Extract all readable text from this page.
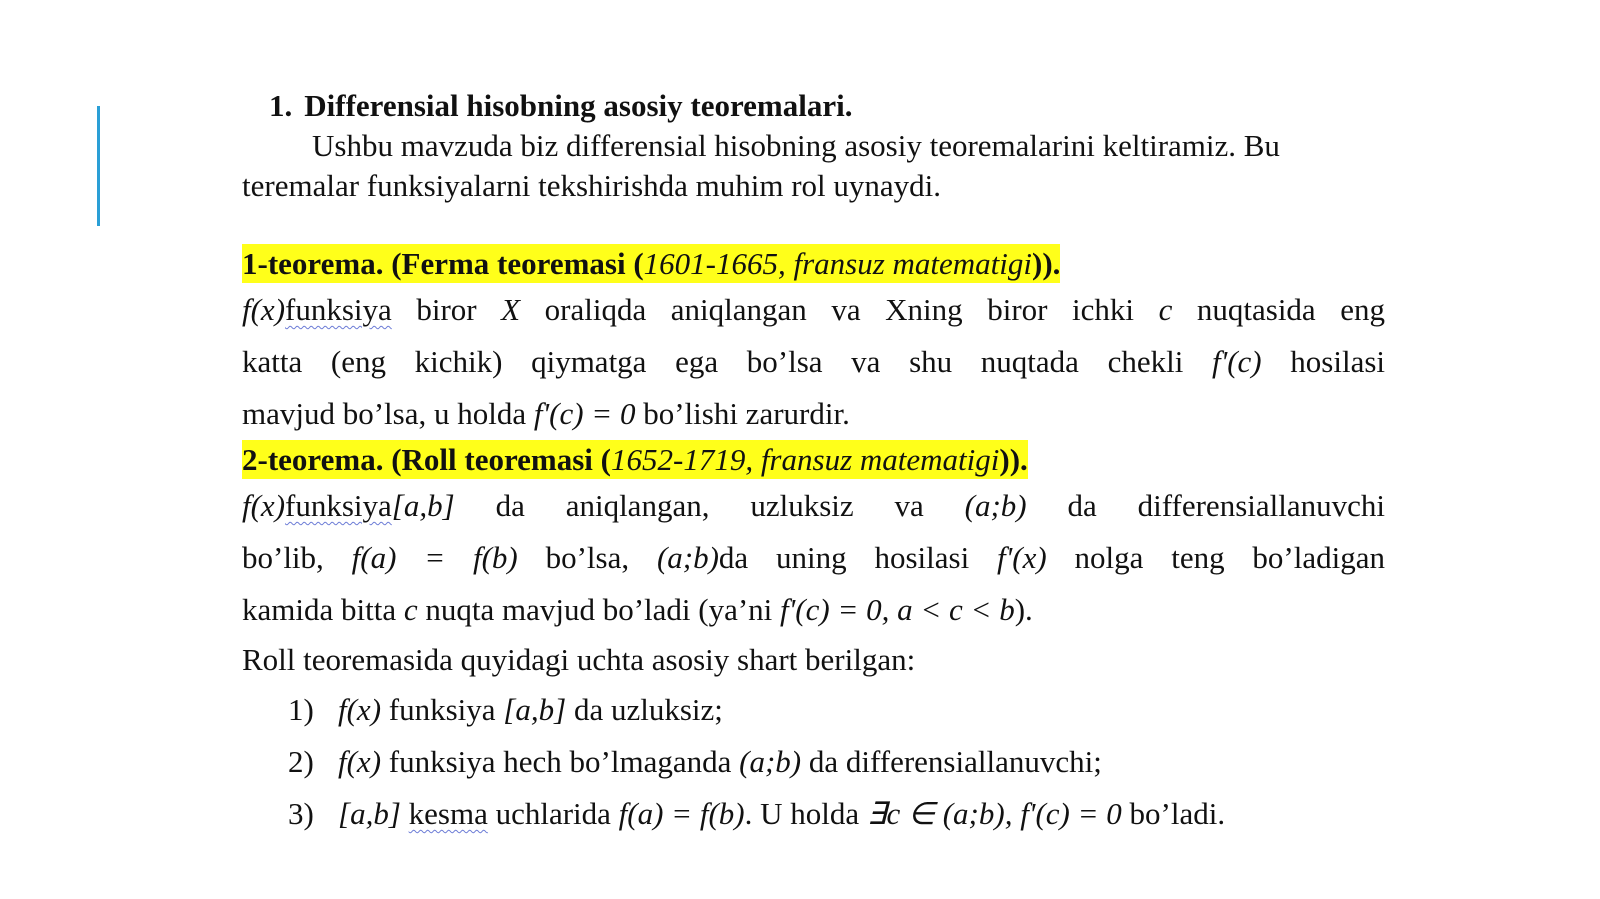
1. Differensial hisobning asosiy teoremalari.

Ushbu mavzuda biz differensial hisobning asosiy teoremalarini keltiramiz. Bu

teremalar funksiyalarni tekshirishda muhim rol uynaydi.

1-teorema. (Ferma teoremasi (1601-1665, fransuz matematigi)).

f(x)funksiya biror X oraliqda aniqlangan va Xning biror ichki c nuqtasida eng

katta (eng kichik) qiymatga ega bo’lsa va shu nuqtada chekli f'(c) hosilasi

mavjud bo’lsa, u holda f'(c) = 0 bo’lishi zarurdir.

2-teorema. (Roll teoremasi (1652-1719, fransuz matematigi)).

f(x)funksiya[a,b] da aniqlangan, uzluksiz va (a;b) da differensiallanuvchi

bo’lib, f(a) = f(b) bo’lsa, (a;b)da uning hosilasi f'(x) nolga teng bo’ladigan

kamida bitta c nuqta mavjud bo’ladi (ya’ni f'(c) = 0, a < c < b).

Roll teoremasida quyidagi uchta asosiy shart berilgan:

1) f(x) funksiya [a,b] da uzluksiz;
2) f(x) funksiya hech bo’lmaganda (a;b) da differensiallanuvchi;
3) [a,b] kesma uchlarida f(a) = f(b). U holda ∃c ∈ (a;b), f'(c) = 0 bo’ladi.
